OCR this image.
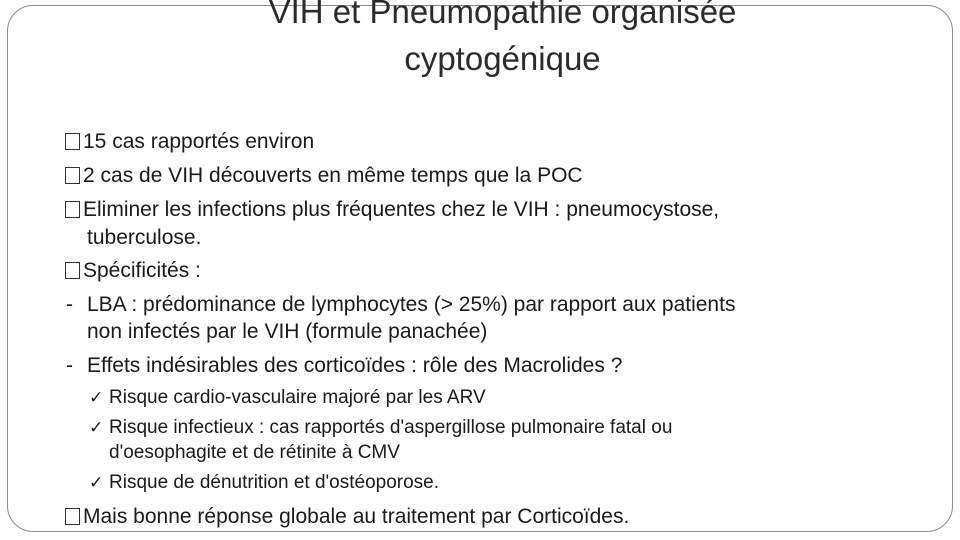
VIH et Pneumopathie organisée
cyptogénique
15 cas rapportés environ
2 cas de VIH découverts en même temps que la POC
Eliminer les infections plus fréquentes chez le VIH : pneumocystose,
tuberculose.
Spécificités :
- LBA : prédominance de lymphocytes (> 25%) par rapport aux patients
non infectés par le VIH (formule panachée)
- Effets indésirables des corticoïdes : rôle des Macrolides ?
✓ Risque cardio-vasculaire majoré par les ARV
✓ Risque infectieux : cas rapportés d'aspergillose pulmonaire fatal ou
d'oesophagite et de rétinite à CMV
✓ Risque de dénutrition et d'ostéoporose.
Mais bonne réponse globale au traitement par Corticoïdes.
